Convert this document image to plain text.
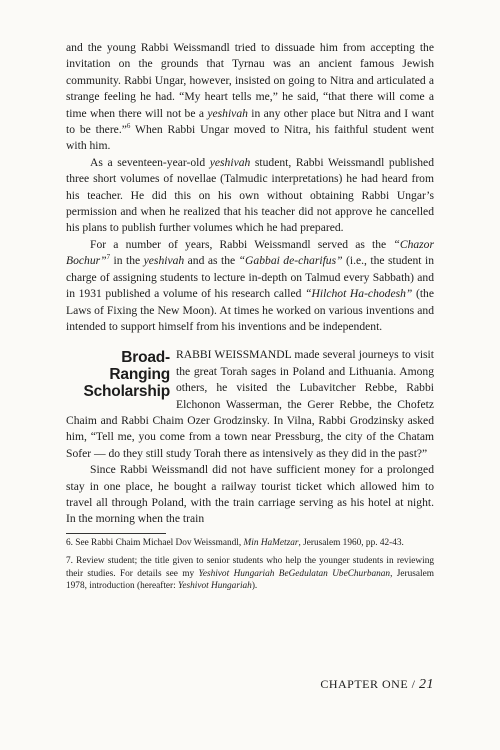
and the young Rabbi Weissmandl tried to dissuade him from accepting the invitation on the grounds that Tyrnau was an ancient famous Jewish community. Rabbi Ungar, however, insisted on going to Nitra and articulated a strange feeling he had. “My heart tells me,” he said, “that there will come a time when there will not be a yeshivah in any other place but Nitra and I want to be there.”$^6$ When Rabbi Ungar moved to Nitra, his faithful student went with him.

As a seventeen-year-old yeshivah student, Rabbi Weissmandl published three short volumes of novellae (Talmudic interpretations) he had heard from his teacher. He did this on his own without obtaining Rabbi Ungar’s permission and when he realized that his teacher did not approve he cancelled his plans to publish further volumes which he had prepared.

For a number of years, Rabbi Weissmandl served as the “Chazor Bochur”$^7$ in the yeshivah and as the “Gabbai de-charifus” (i.e., the student in charge of assigning students to lecture in-depth on Talmud every Sabbath) and in 1931 published a volume of his research called “Hilchot Ha-chodesh” (the Laws of Fixing the New Moon). At times he worked on various inventions and intended to support himself from his inventions and be independent.

Broad-
Ranging
Scholarship
RABBI WEISSMANDL made several journeys to visit the great Torah sages in Poland and Lithuania. Among others, he visited the Lubavitcher Rebbe, Rabbi Elchonon Wasserman, the Gerer Rebbe, the Chofetz Chaim and Rabbi Chaim Ozer Grodzinsky. In Vilna, Rabbi Grodzinsky asked him, “Tell me, you come from a town near Pressburg, the city of the Chatam Sofer — do they still study Torah there as intensively as they did in the past?”

Since Rabbi Weissmandl did not have sufficient money for a prolonged stay in one place, he bought a railway tourist ticket which allowed him to travel all through Poland, with the train carriage serving as his hotel at night. In the morning when the train

6. See Rabbi Chaim Michael Dov Weissmandl, Min HaMetzar, Jerusalem 1960, pp. 42-43.

7. Review student; the title given to senior students who help the younger students in reviewing their studies. For details see my Yeshivot Hungariah BeGedulatan UbeChurbanan, Jerusalem 1978, introduction (hereafter: Yeshivot Hungariah).

CHAPTER ONE / 21
